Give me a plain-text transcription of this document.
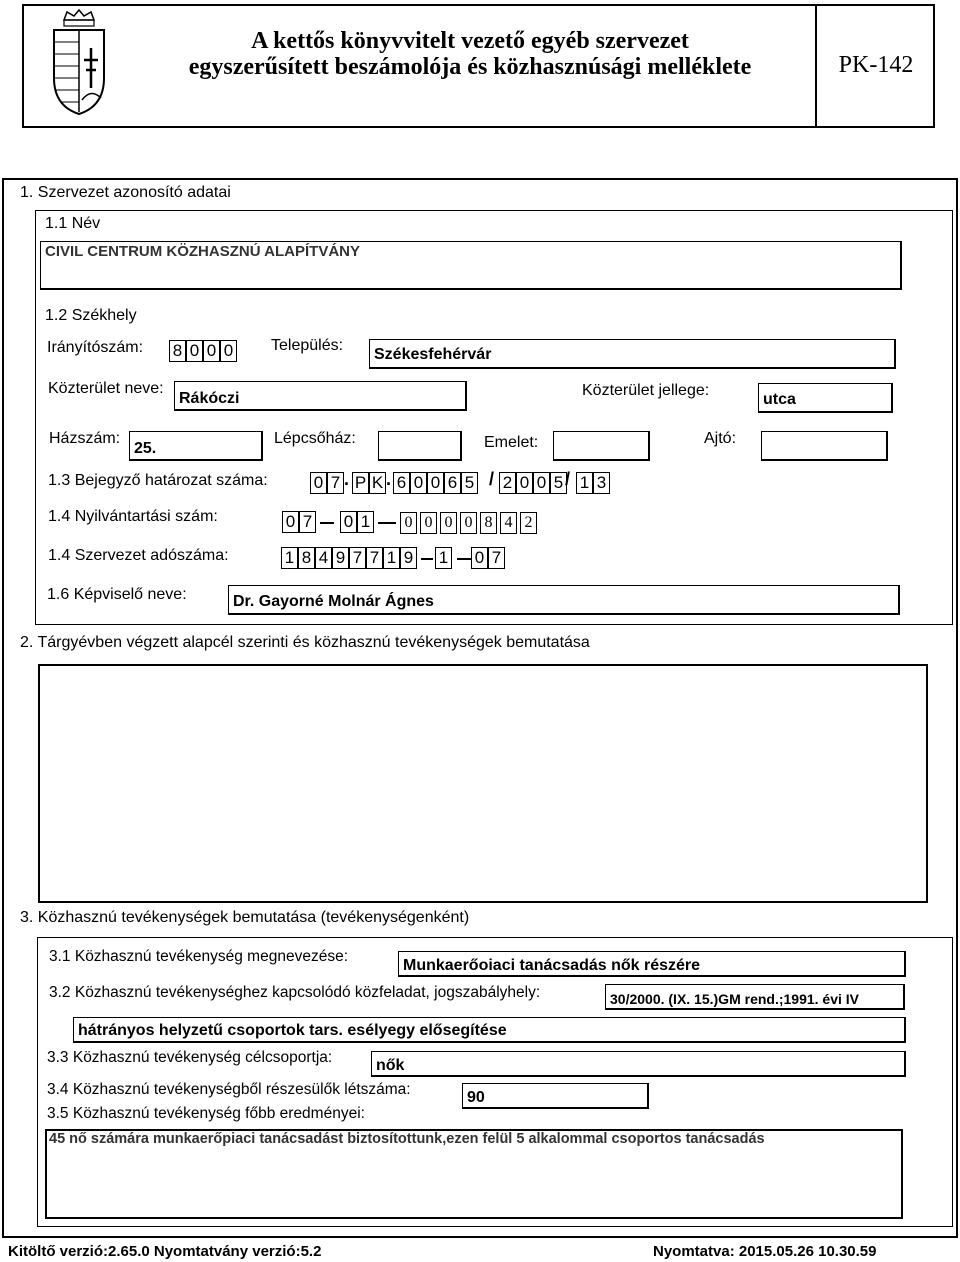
A kettős könyvvitelt vezető egyéb szervezet
egyszerűsített beszámolója és közhasznúsági melléklete	PK-142
1. Szervezet azonosító adatai
1.1 Név
CIVIL CENTRUM KÖZHASZNÚ ALAPÍTVÁNY
1.2 Székhely
Irányítószám: 8 0 0 0 Település:
Székesfehérvár
Közterület neve:
Rákóczi	Közterület jellege:
utca
Házszám:
25.
Lépcsőház:	Emelet:	Ajtó:
1.3 Bejegyző határozat száma:	0 7 P K 6 0 0 6 5 2 0 0 5 1 3
. .	/	/
1.4 Nyilvántartási szám:	0 7 0 1 0 0 0 0 8 4 2
1.4 Szervezet adószáma:	1 8 4 9 7 7 1 9 1 0 7
1.6 Képviselő neve:	Dr. Gayorné Molnár Ágnes
2. Tárgyévben végzett alapcél szerinti és közhasznú tevékenységek bemutatása
3. Közhasznú tevékenységek bemutatása (tevékenységenként)
3.1 Közhasznú tevékenység megnevezése:
Munkaerőoiaci tanácsadás nők részére
3.2 Közhasznú tevékenységhez kapcsolódó közfeladat, jogszabályhely:	30/2000. (IX. 15.)GM rend.;1991. évi IV
hátrányos helyzetű csoportok tars. esélyegy elősegítése
3.3 Közhasznú tevékenység célcsoportja:	nők
3.4 Közhasznú tevékenységből részesülők létszáma:	90
3.5 Közhasznú tevékenység főbb eredményei:
45 nő számára munkaerőpiaci tanácsadást biztosítottunk,ezen felül 5 alkalommal csoportos tanácsadás
Kitöltő verzió:2.65.0 Nyomtatvány verzió:5.2	Nyomtatva: 2015.05.26 10.30.59
